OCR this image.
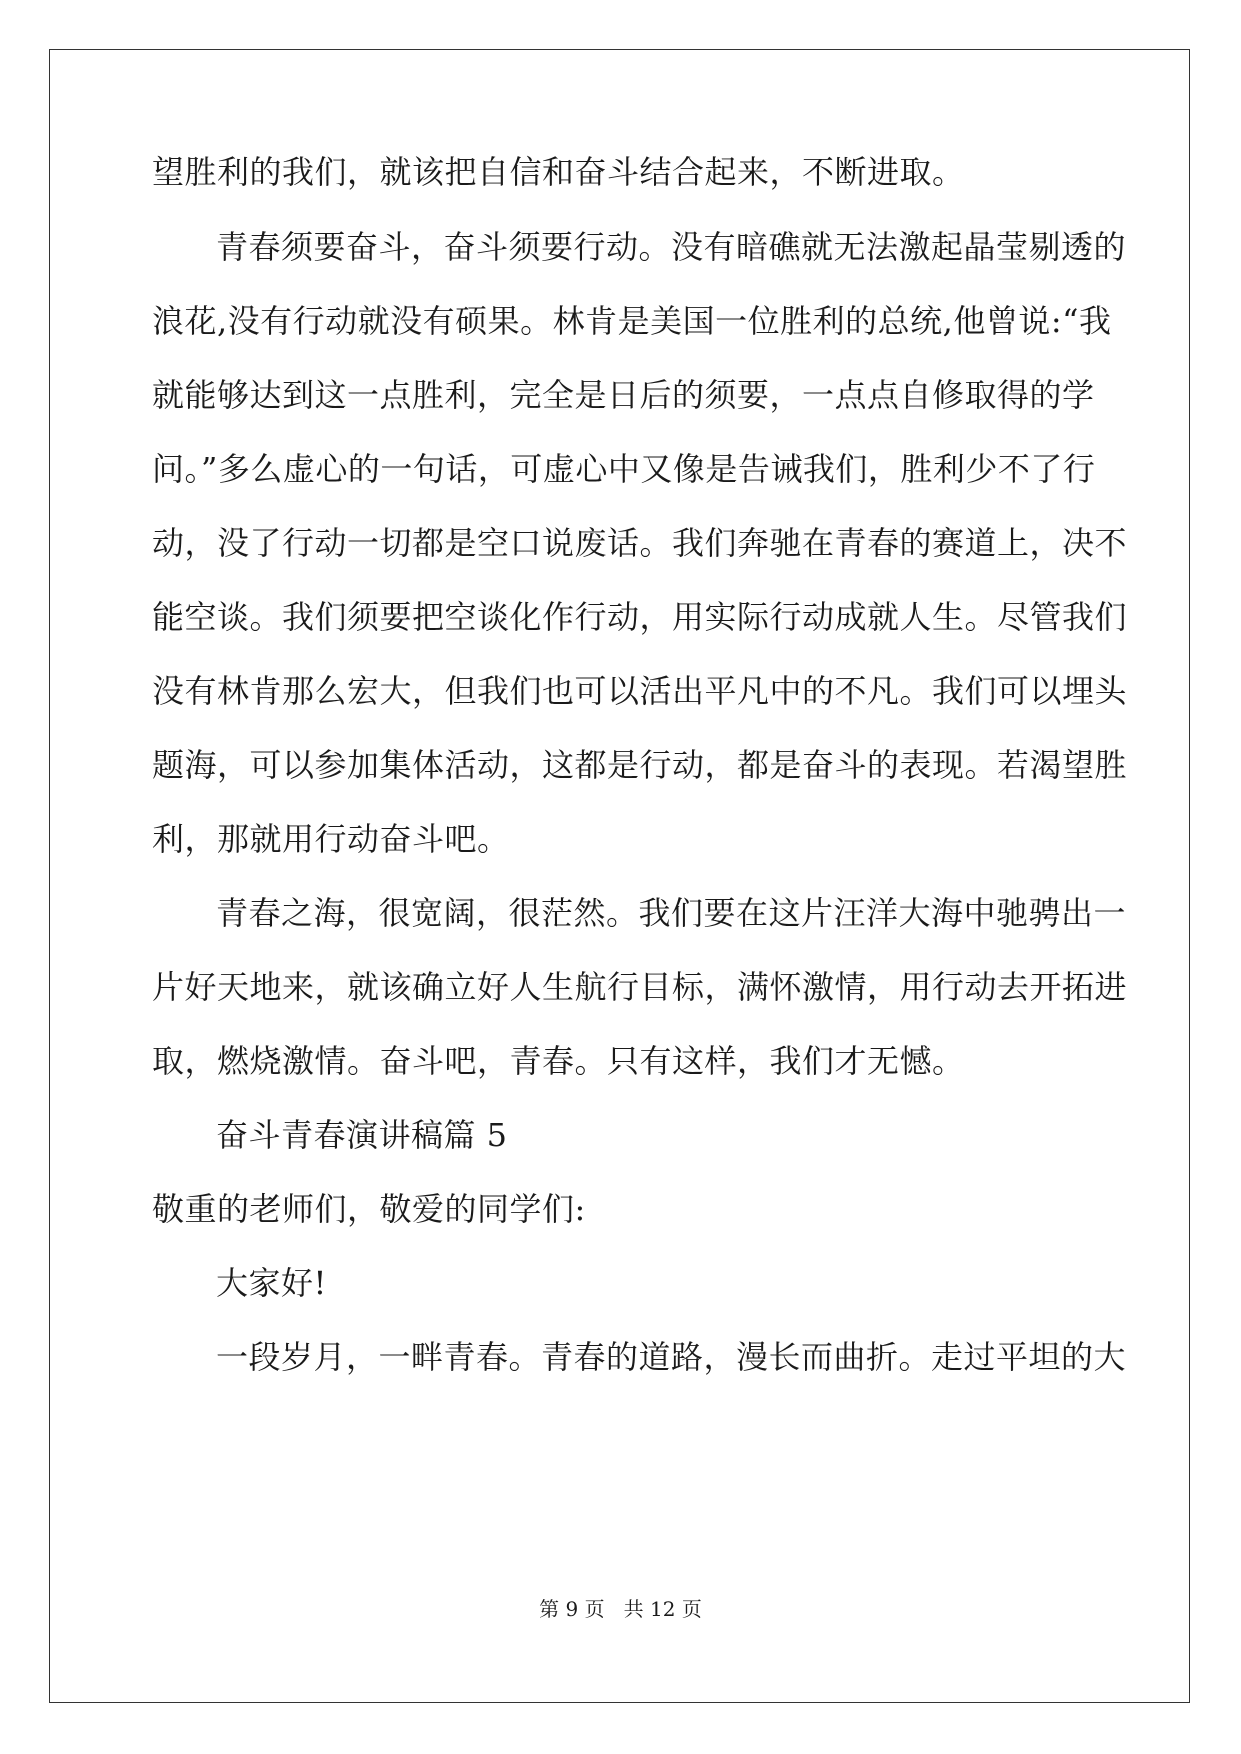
望胜利的我们，就该把自信和奋斗结合起来，不断进取。
青春须要奋斗，奋斗须要行动。没有暗礁就无法激起晶莹剔透的
浪花,没有行动就没有硕果。林肯是美国一位胜利的总统,他曾说:“我
就能够达到这一点胜利，完全是日后的须要，一点点自修取得的学
问。”多么虚心的一句话，可虚心中又像是告诫我们，胜利少不了行
动，没了行动一切都是空口说废话。我们奔驰在青春的赛道上，决不
能空谈。我们须要把空谈化作行动，用实际行动成就人生。尽管我们
没有林肯那么宏大，但我们也可以活出平凡中的不凡。我们可以埋头
题海，可以参加集体活动，这都是行动，都是奋斗的表现。若渴望胜
利，那就用行动奋斗吧。
青春之海，很宽阔，很茫然。我们要在这片汪洋大海中驰骋出一
片好天地来，就该确立好人生航行目标，满怀激情，用行动去开拓进
取，燃烧激情。奋斗吧，青春。只有这样，我们才无憾。
奋斗青春演讲稿篇 5
敬重的老师们，敬爱的同学们:
大家好!
一段岁月，一畔青春。青春的道路，漫长而曲折。走过平坦的大
第 9 页   共 12 页
